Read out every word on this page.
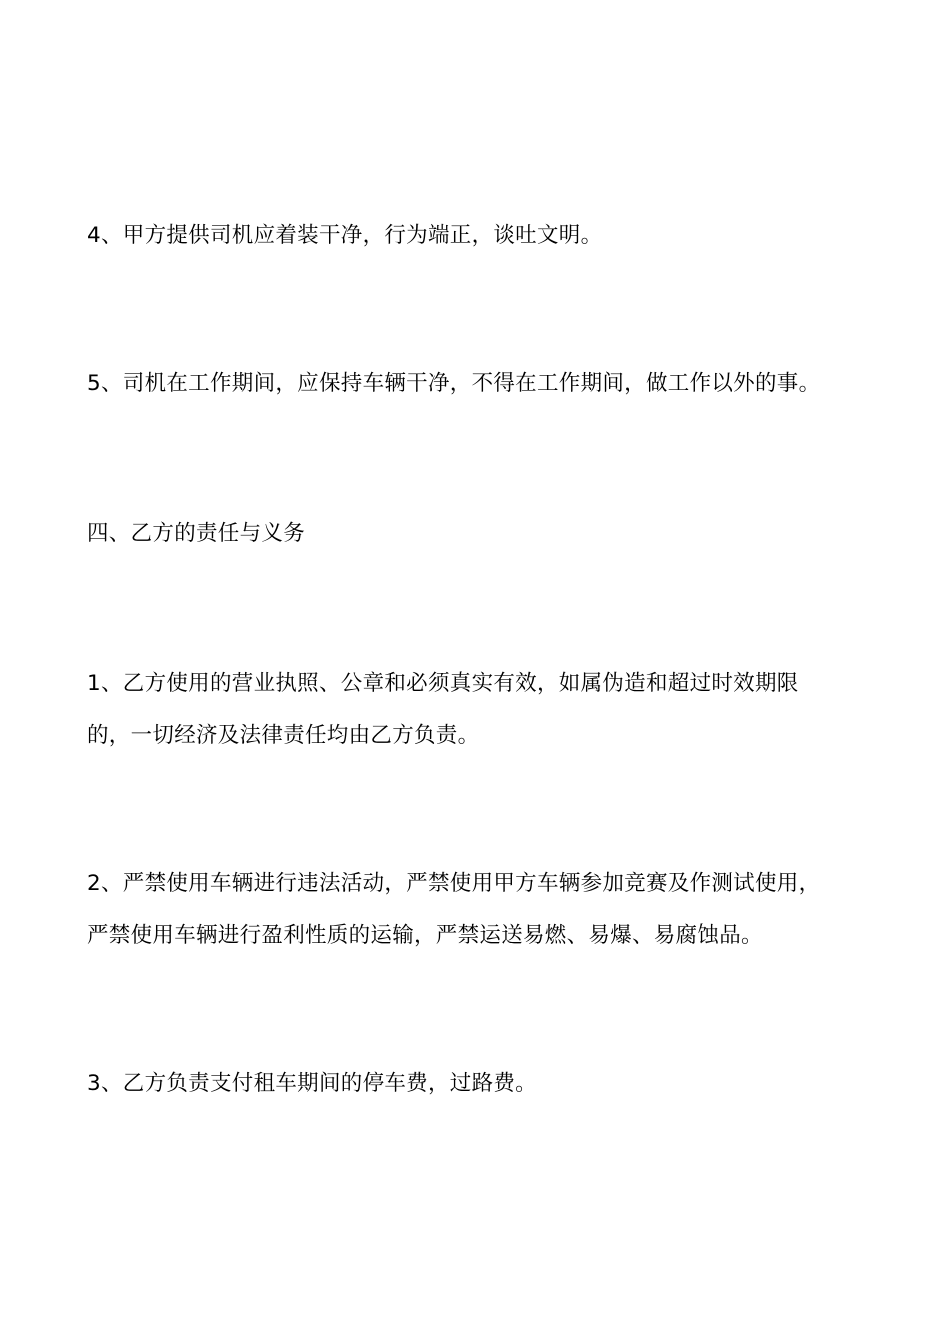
4、甲方提供司机应着装干净，行为端正，谈吐文明。

5、司机在工作期间，应保持车辆干净，不得在工作期间，做工作以外的事。

四、乙方的责任与义务

1、乙方使用的营业执照、公章和必须真实有效，如属伪造和超过时效期限
的，一切经济及法律责任均由乙方负责。

2、严禁使用车辆进行违法活动，严禁使用甲方车辆参加竞赛及作测试使用，
严禁使用车辆进行盈利性质的运输，严禁运送易燃、易爆、易腐蚀品。

3、乙方负责支付租车期间的停车费，过路费。
